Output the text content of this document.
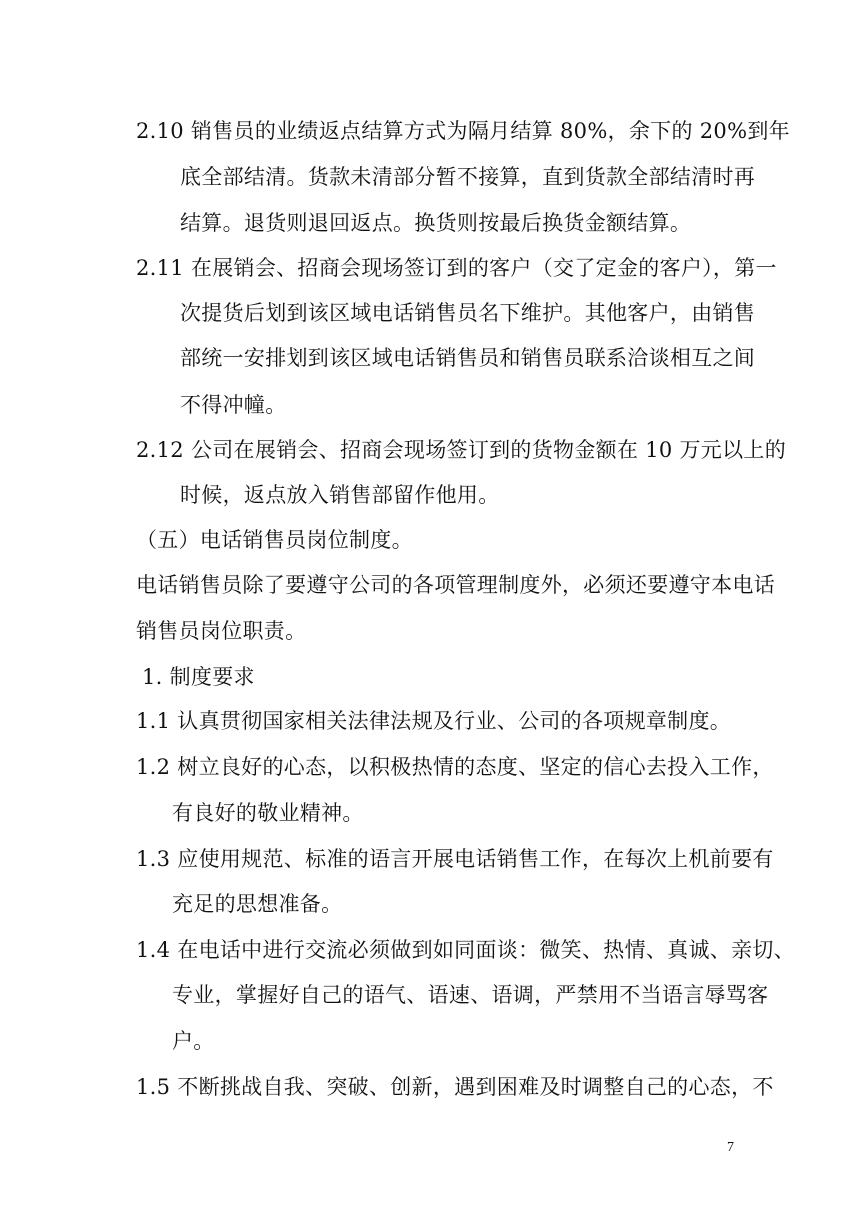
2.10 销售员的业绩返点结算方式为隔月结算 80%，余下的 20%到年
底全部结清。货款未清部分暂不接算，直到货款全部结清时再
结算。退货则退回返点。换货则按最后换货金额结算。
2.11 在展销会、招商会现场签订到的客户（交了定金的客户），第一
次提货后划到该区域电话销售员名下维护。其他客户，由销售
部统一安排划到该区域电话销售员和销售员联系洽谈相互之间
不得冲幢。
2.12 公司在展销会、招商会现场签订到的货物金额在 10 万元以上的
时候，返点放入销售部留作他用。
（五）电话销售员岗位制度。
电话销售员除了要遵守公司的各项管理制度外，必须还要遵守本电话
销售员岗位职责。
1. 制度要求
1.1 认真贯彻国家相关法律法规及行业、公司的各项规章制度。
1.2 树立良好的心态，以积极热情的态度、坚定的信心去投入工作，
有良好的敬业精神。
1.3 应使用规范、标准的语言开展电话销售工作，在每次上机前要有
充足的思想准备。
1.4 在电话中进行交流必须做到如同面谈：微笑、热情、真诚、亲切、
专业，掌握好自己的语气、语速、语调，严禁用不当语言辱骂客
户。
1.5 不断挑战自我、突破、创新，遇到困难及时调整自己的心态，不
7
